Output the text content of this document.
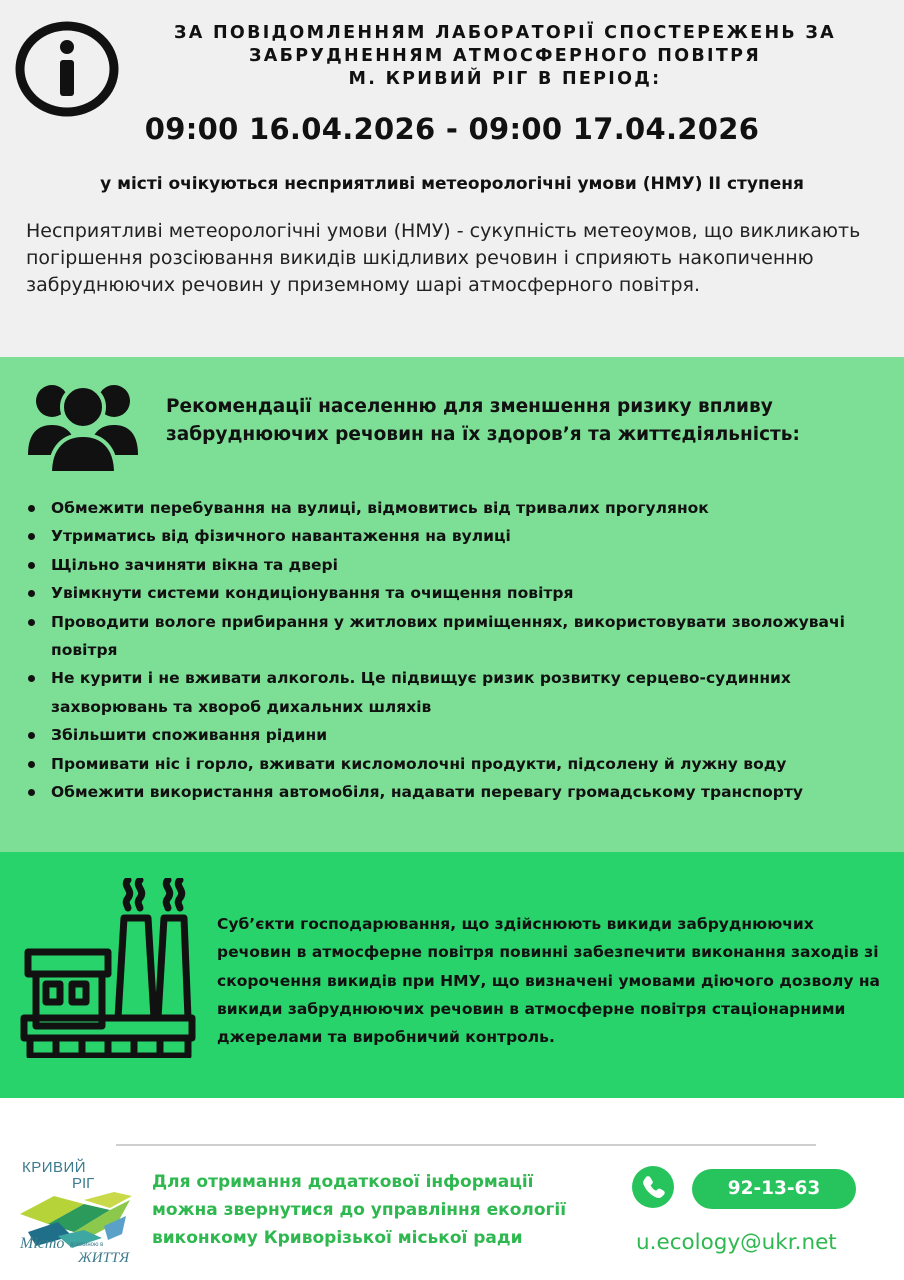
ЗА ПОВІДОМЛЕННЯМ ЛАБОРАТОРІЇ СПОСТЕРЕЖЕНЬ ЗА
ЗАБРУДНЕННЯМ АТМОСФЕРНОГО ПОВІТРЯ
М. КРИВИЙ РІГ В ПЕРІОД:
09:00 16.04.2026 - 09:00 17.04.2026
у місті очікуються несприятливі метеорологічні умови (НМУ) ІІ ступеня

Несприятливі метеорологічні умови (НМУ) - сукупність метеоумов, що викликають погіршення розсіювання викидів шкідливих речовин і сприяють накопиченню забруднюючих речовин у приземному шарі атмосферного повітря.

Рекомендації населенню для зменшення ризику впливу
забруднюючих речовин на їх здоров’я та життєдіяльність:
Обмежити перебування на вулиці, відмовитись від тривалих прогулянок
Утриматись від фізичного навантаження на вулиці
Щільно зачиняти вікна та двері
Увімкнути системи кондиціонування та очищення повітря
Проводити вологе прибирання у житлових приміщеннях, використовувати зволожувачі повітря
Не курити і не вживати алкоголь. Це підвищує ризик розвитку серцево-судинних захворювань та хвороб дихальних шляхів
Збільшити споживання рідини
Промивати ніс і горло, вживати кисломолочні продукти, підсолену й лужну воду
Обмежити використання автомобіля, надавати перевагу громадському транспорту

Суб’єкти господарювання, що здійснюють викиди забруднюючих речовин в атмосферне повітря повинні забезпечити виконання заходів зі скорочення викидів при НМУ, що визначені умовами діючого дозволу на викиди забруднюючих речовин в атмосферне повітря стаціонарними джерелами та виробничий контроль.

КРИВИЙ
РІГ
Місто довжиною в
ЖИТТЯ
Для отримання додаткової інформації
можна звернутися до управління екології
виконкому Криворізької міської ради
92-13-63
u.ecology@ukr.net
